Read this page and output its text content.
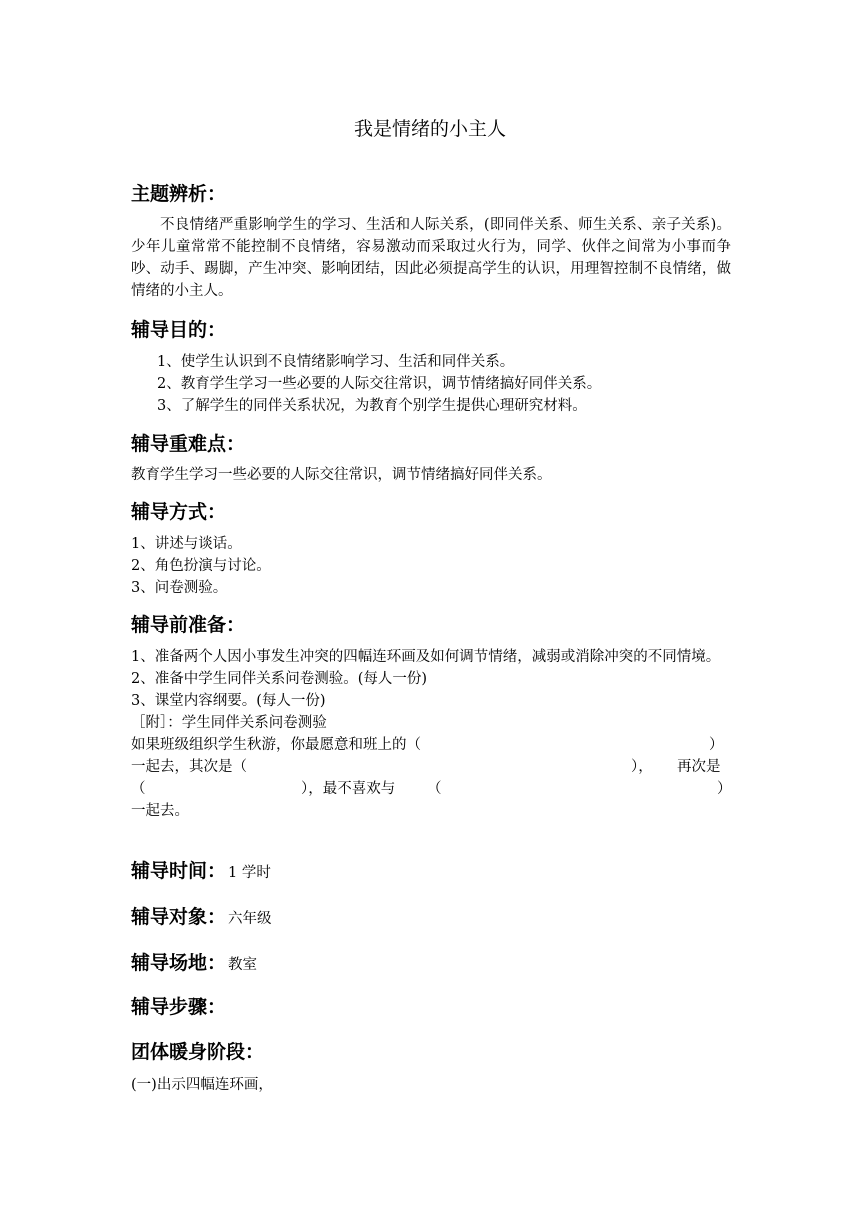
我是情绪的小主人
主题辨析：
不良情绪严重影响学生的学习、生活和人际关系，(即同伴关系、师生关系、亲子关系)。少年儿童常常不能控制不良情绪，容易激动而采取过火行为，同学、伙伴之间常为小事而争吵、动手、踢脚，产生冲突、影响团结，因此必须提高学生的认识，用理智控制不良情绪，做情绪的小主人。
辅导目的：
1、使学生认识到不良情绪影响学习、生活和同伴关系。
2、教育学生学习一些必要的人际交往常识，调节情绪搞好同伴关系。
3、了解学生的同伴关系状况，为教育个别学生提供心理研究材料。
辅导重难点：
教育学生学习一些必要的人际交往常识，调节情绪搞好同伴关系。
辅导方式：
1、讲述与谈话。
2、角色扮演与讨论。
3、问卷测验。
辅导前准备：
1、准备两个人因小事发生冲突的四幅连环画及如何调节情绪，减弱或消除冲突的不同情境。
2、准备中学生同伴关系问卷测验。(每人一份)
3、课堂内容纲要。(每人一份)
［附］：学生同伴关系问卷测验
如果班级组织学生秋游，你最愿意和班上的（	）
一起去，其次是（	）， 再次是
（	），最不喜欢与 （	）
一起去。
辅导时间： 1 学时
辅导对象： 六年级
辅导场地： 教室
辅导步骤：
团体暖身阶段：
(一)出示四幅连环画，
